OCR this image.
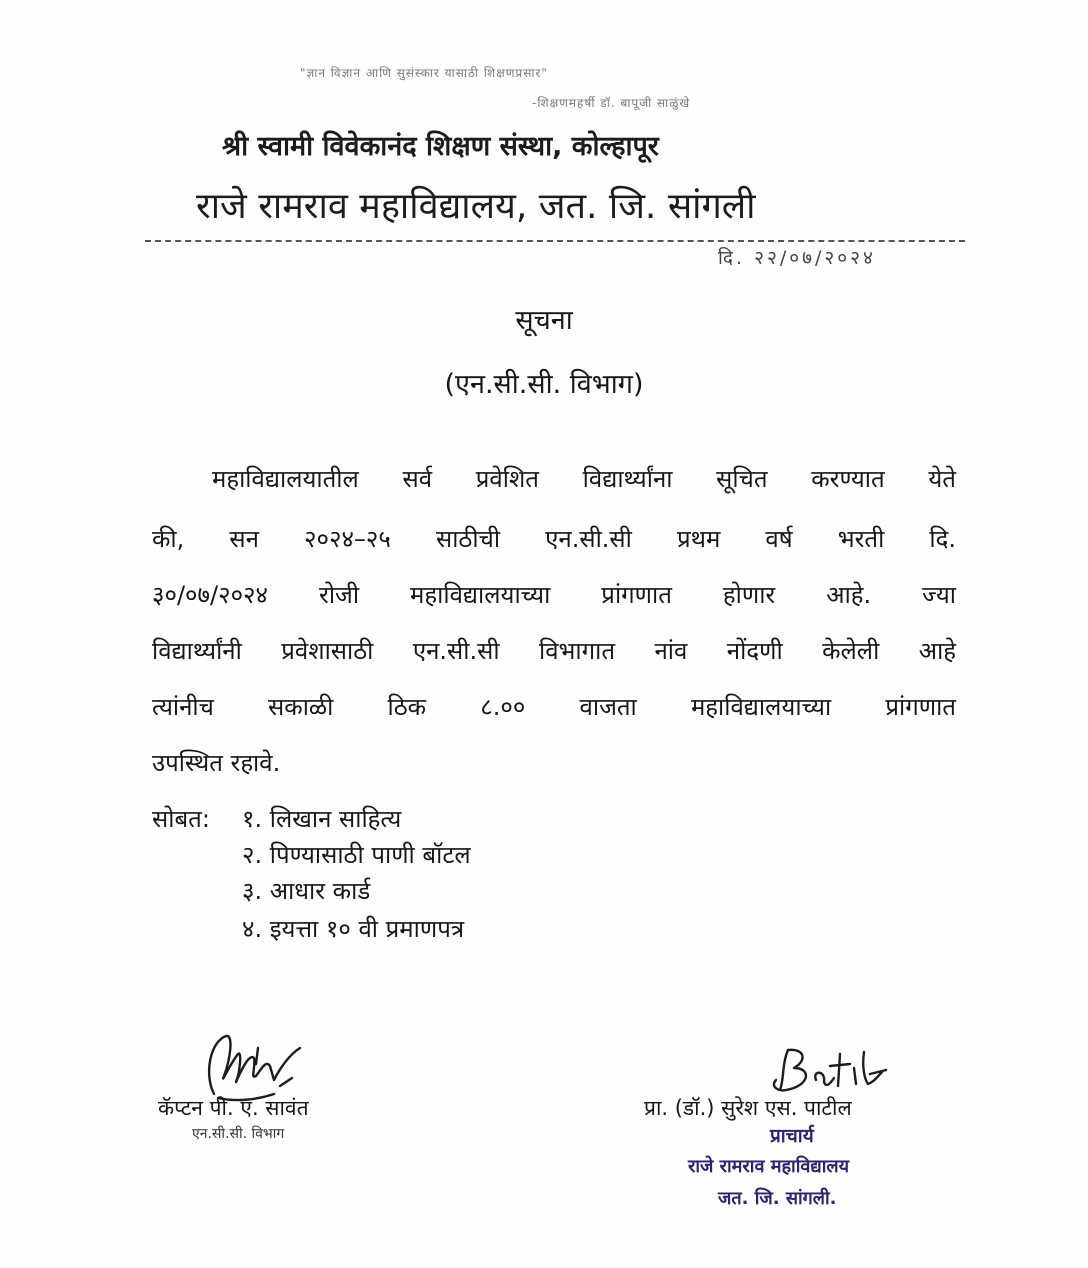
"ज्ञान विज्ञान आणि सुसंस्कार यासाठी शिक्षणप्रसार"
-शिक्षणमहर्षी डॉ. बापूजी साळुंखे
श्री स्वामी विवेकानंद शिक्षण संस्था, कोल्हापूर
राजे रामराव महाविद्यालय, जत. जि. सांगली
दि. २२/०७/२०२४
सूचना
(एन.सी.सी. विभाग)
महाविद्यालयातील सर्व प्रवेशित विद्यार्थ्यांना सूचित करण्यात येते
की, सन २०२४–२५ साठीची एन.सी.सी प्रथम वर्ष भरती दि.
३०/०७/२०२४ रोजी महाविद्यालयाच्या प्रांगणात होणार आहे. ज्या
विद्यार्थ्यांनी प्रवेशासाठी एन.सी.सी विभागात नांव नोंदणी केलेली आहे
त्यांनीच सकाळी ठिक ८.०० वाजता महाविद्यालयाच्या प्रांगणात
उपस्थित रहावे.
सोबत: १. लिखान साहित्य
२. पिण्यासाठी पाणी बॉटल
३. आधार कार्ड
४. इयत्ता १० वी प्रमाणपत्र
कॅप्टन पी. ए. सावंत
एन.सी.सी. विभाग
प्रा. (डॉ.) सुरेश एस. पाटील
प्राचार्य
राजे रामराव महाविद्यालय
जत. जि. सांगली.
